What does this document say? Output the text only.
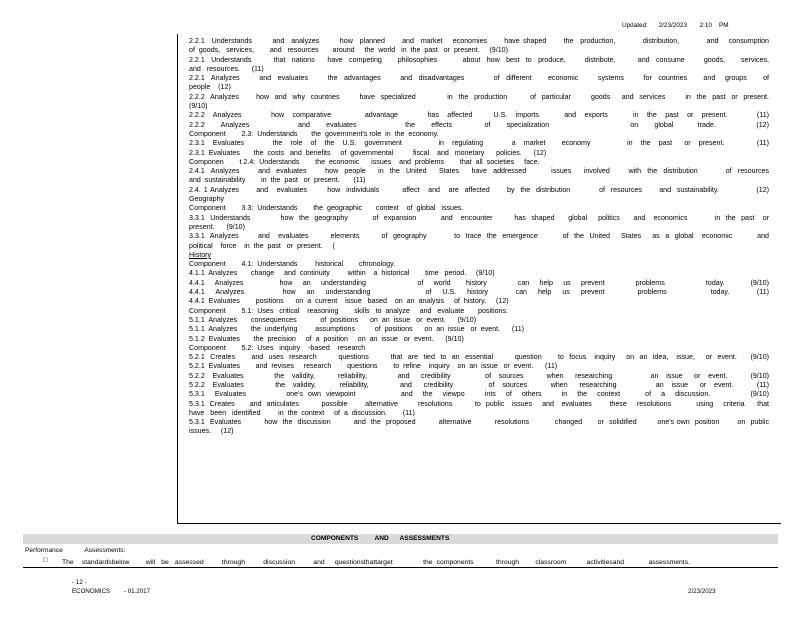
Updated:      2/23/2023       2:10    PM
2.2.1  Understands      and  analyzes      how  planned     and  market   economies     have shaped     the  production,        distribution,        and   consumption
of  goods,   services,        and   resources       around     the  world   in  the  past   or  present.     (9/10)
2.2.1  Understands       that  nations    have  competing     philosophies        about  how  best  to  produce,      distribute,       and  consume      goods,     services,
and   resources.      (11)
2.2.1  Analyzes      and  evaluates      the  advantages      and  disadvantages         of  different     economic      systems      for  countries     and   groups     of
people    (12)
2.2.2  Analyzes      how  and  why  countries       have  specialized           in  the  production        of  particular       goods    and  services       in  the  past  or  present.
(9/10)
2.2.2  Analyzes       how  comparative        advantage       has  affected     U.S.  imports      and  exports      in  the  past  or  present.       (11)
2.2.2  Analyzes      and  evaluates      the  effects    of  specialization          on  global   trade.     (12)
Component        2.3:  Understands       the  government's role  in  the  economy.
2.3.1  Evaluates       the  role  of  the  U.S.  government         in  regulating       a  market    economy         in  the  past   or  present.        (11)
2.3.1  Evaluates       the  costs   and  benefits     of  governmental          fiscal    and   monetary      policies.      (12)
Componen        t 2.4:  Understands        the  economic      issues    and  problems        that  all  societies     face.
2.4.1  Analyzes      and  evaluates      how  people    in  the  United    States    have  addressed        issues    involved      with  the  distribution         of  resources
and  sustainability        in  the  past   or  present.       (11)
2.4. 1 Analyzes      and   evaluates       how  individuals        affect   and   are  affected      by  the  distribution          of  resources      and  sustainability.             (12)
Geography
Component        3.3:  Understands        the  geographic       context    of  global   issues.
3.3.1  Understands           how  the  geography         of  expansion         and   encounter        has  shaped     global    politics     and   economics          in  the  past   or
present.      (9/10)
3.3.1  Analyzes       and   evaluates        elements        of  geography          to  trace  the  emergence         of  the  United    States    as  a  global   economic         and
political    force    in  the  past   or  present.     (
History
Component        4.1:  Understands         historical        chronology.
4.1.1  Analyzes       change     and  continuity         within    a  historical        time   period.     (9/10)
4.4.1  Analyzes       how  an  understanding          of  world   history      can  help  us  prevent      problems        today.     (9/10)
4.4.1  Analyzes       how  an  understanding          of  U.S.  history     can  help  us  prevent      problems        today.     (11)
4.4.1  Evaluates        positions      on  a  current    issue   based    on  an  analysis     of  history.     (12)
Component        5.1:  Uses   critical    reasoning        skills   to  analyze     and   evaluate       positions.
5.1.1  Analyzes       consequences            of  positions      on  an  issue   or  event.      (9/10)
5.1.1  Analyzes       the  underlying         assumptions          of  positions      on  an  issue   or  event.      (11)
5.1.2  Evaluates       the  precision     of  a  position     on  an  issue   or  event.      (9/10)
Component        5.2:  Uses   inquiry    -based    research
5.2.1  Creates      and  uses  research        questions        that  are  tied  to  an  essential        question      to  focus   inquiry    on  an  idea,   issue,    or  event.     (9/10)
5.2.1  Evaluates        and  revises     research        questions        to  refine    inquiry    on  an  issue   or  event.      (11)
5.2.2  Evaluates        the  validity,      reliability,        and   credibility         of  sources      when   researching          an  issue   or  event.      (9/10)
5.2.2  Evaluates        the  validity,      reliability,        and   credibility         of  sources      when   researching          an  issue   or  event.      (11)
5.3.1  Evaluates        one's own viewpoint         and  the  viewpo    ints  of  others    in  the  context     of  a  discussion.        (9/10)
5.3.1  Creates      and  articulates         possible       alternative        resolutions         to  public   issues    and   evaluates       these    resolutions          using    criteria     that
have   been   identified         in  the  context     of  a  discussion.        (11)
5.3.1  Evaluates         how  the  discussion         and  the  proposed         alternative         resolutions          changed      or  solidified        one's own  position       on  public
issues.     (12)
COMPONENTS         AND      ASSESSMENTS
Performance            Assessments:
□	The    standardsbelow        will   be   assessed         through         discussion         and     questionsthattarget               the  components           through        classroom          activitiesand            assessments.
- 12 -
ECONOMICS        - 01.2017	2/23/2023
